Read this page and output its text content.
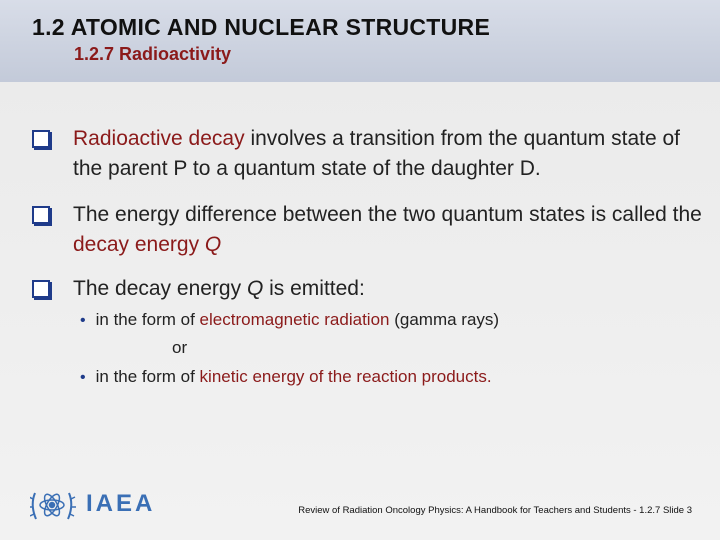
1.2 ATOMIC AND NUCLEAR STRUCTURE
1.2.7 Radioactivity
Radioactive decay involves a transition from the quantum state of the parent P to a quantum state of the daughter D.
The energy difference between the two quantum states is called the decay energy Q
The decay energy Q is emitted:
• in the form of electromagnetic radiation (gamma rays)
or
• in the form of kinetic energy of the reaction products.
IAEA	Review of Radiation Oncology Physics: A Handbook for Teachers and Students - 1.2.7 Slide 3
